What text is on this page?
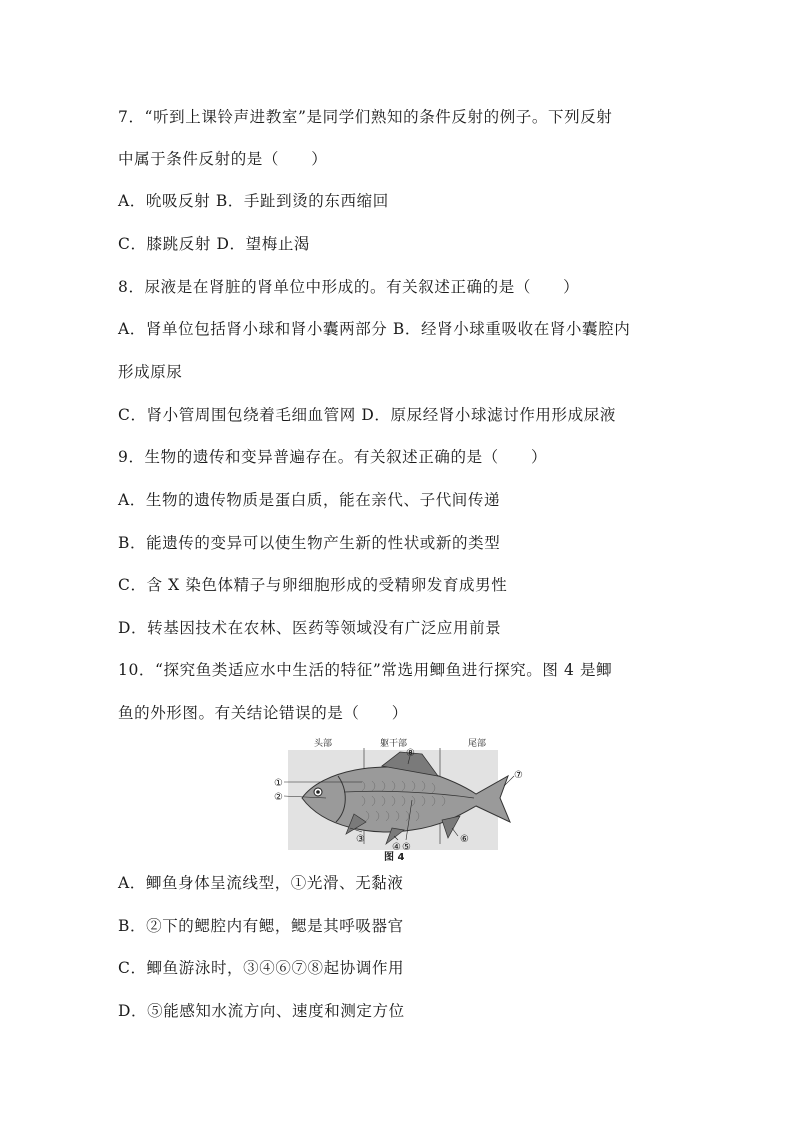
7．“听到上课铃声进教室”是同学们熟知的条件反射的例子。下列反射
中属于条件反射的是（　　）
A．吮吸反射 B．手趾到烫的东西缩回
C．膝跳反射 D．望梅止渴
8．尿液是在肾脏的肾单位中形成的。有关叙述正确的是（　　）
A．肾单位包括肾小球和肾小囊两部分 B．经肾小球重吸收在肾小囊腔内
形成原尿
C．肾小管周围包绕着毛细血管网 D．原尿经肾小球滤讨作用形成尿液
9．生物的遗传和变异普遍存在。有关叙述正确的是（　　）
A．生物的遗传物质是蛋白质，能在亲代、子代间传递
B．能遗传的变异可以使生物产生新的性状或新的类型
C．含 X 染色体精子与卵细胞形成的受精卵发育成男性
D．转基因技术在农林、医药等领域没有广泛应用前景
10．“探究鱼类适应水中生活的特征”常选用鲫鱼进行探究。图 4 是鲫
鱼的外形图。有关结论错误的是（　　）
头部	躯干部	尾部
①
②
③
④ ⑤
⑥
⑦
⑧
图 4
A．鲫鱼身体呈流线型，①光滑、无黏液
B．②下的鳃腔内有鳃，鳃是其呼吸器官
C．鲫鱼游泳时，③④⑥⑦⑧起协调作用
D．⑤能感知水流方向、速度和测定方位
